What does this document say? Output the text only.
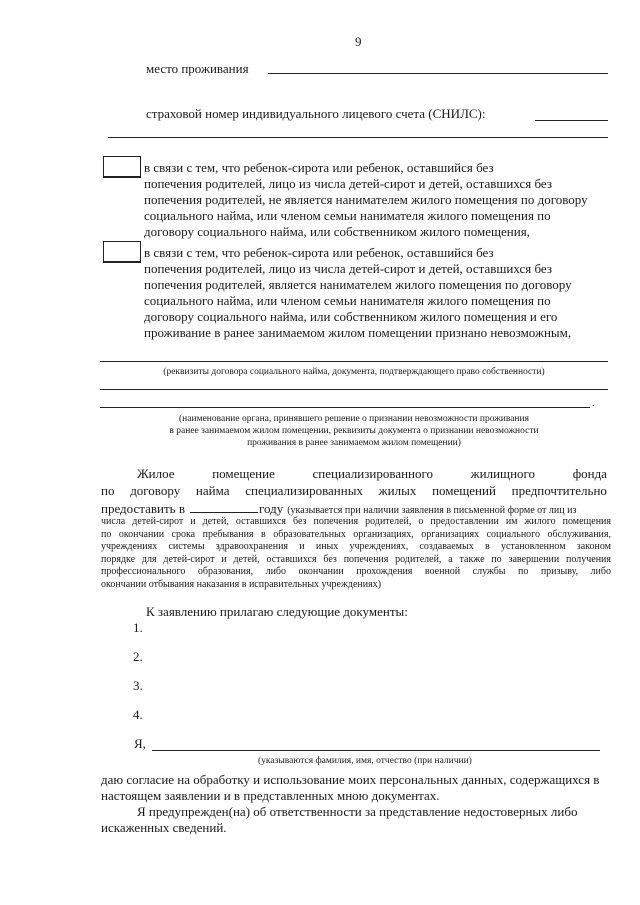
9
место проживания
страховой номер индивидуального лицевого счета (СНИЛС):
в связи с тем, что ребенок-сирота или ребенок, оставшийся без
попечения родителей, лицо из числа детей-сирот и детей, оставшихся без
попечения родителей, не является нанимателем жилого помещения по договору
социального найма, или членом семьи нанимателя жилого помещения по
договору социального найма, или собственником жилого помещения,
в связи с тем, что ребенок-сирота или ребенок, оставшийся без
попечения родителей, лицо из числа детей-сирот и детей, оставшихся без
попечения родителей, является нанимателем жилого помещения по договору
социального найма, или членом семьи нанимателя жилого помещения по
договору социального найма, или собственником жилого помещения и его
проживание в ранее занимаемом жилом помещении признано невозможным,
(реквизиты договора социального найма, документа, подтверждающего право собственности)
.
(наименование органа, принявшего решение о признании невозможности проживания
в ранее занимаемом жилом помещении, реквизиты документа о признании невозможности
проживания в ранее занимаемом жилом помещении)
Жилое	помещение	специализированного	жилищного	фонда
по договору найма специализированных жилых помещений предпочтительно
предоставить в	году (указывается при наличии заявления в письменной форме от лиц из
числа детей-сирот и детей, оставшихся без попечения родителей, о предоставлении им жилого помещения
по окончании срока пребывания в образовательных организациях, организациях социального обслуживания,
учреждениях системы здравоохранения и иных учреждениях, создаваемых в установленном законом
порядке для детей-сирот и детей, оставшихся без попечения родителей, а также по завершении получения
профессионального образования, либо окончании прохождения военной службы по призыву, либо
окончании отбывания наказания в исправительных учреждениях)
К заявлению прилагаю следующие документы:
1.
2.
3.
4.
Я,
(указываются фамилия, имя, отчество (при наличии)
даю согласие на обработку и использование моих персональных данных, содержащихся в
настоящем заявлении и в представленных мною документах.
Я предупрежден(на) об ответственности за представление недостоверных либо
искаженных сведений.
